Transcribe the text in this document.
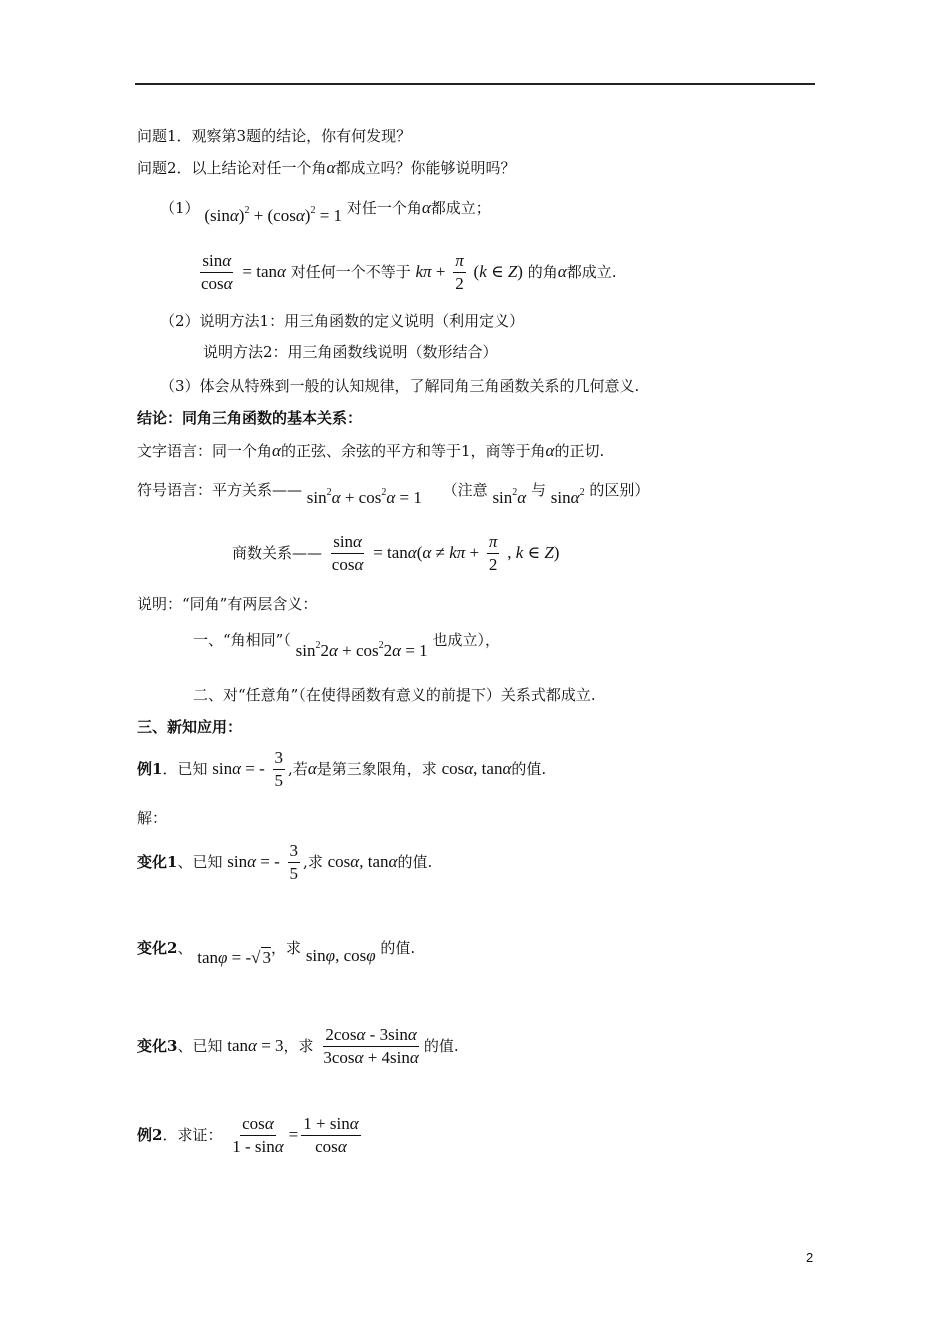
问题1．观察第3题的结论，你有何发现？
问题2．以上结论对任一个角α都成立吗？你能够说明吗？
（1） $(\sin\alpha)^2 + (\cos\alpha)^2 = 1$ 对任一个角α都成立；
$\frac{\sin\alpha}{\cos\alpha} = \tan\alpha$ 对任何一个不等于 $k\pi + \frac{\pi}{2} (k$ ∈ Z) 的角α都成立.
（2）说明方法1：用三角函数的定义说明（利用定义）
说明方法2：用三角函数线说明（数形结合）
（3）体会从特殊到一般的认知规律，了解同角三角函数关系的几何意义.
结论：同角三角函数的基本关系：
文字语言：同一个角α的正弦、余弦的平方和等于1，商等于角α的正切.
符号语言：平方关系—— $\sin^2\alpha + \cos^2\alpha = 1$ （注意 $\sin^2\alpha$ 与 sinα$^2$ 的区别）
商数关系—— $\frac{\sin\alpha}{\cos\alpha} = \tan\alpha(\alpha \ne k\pi + \frac{\pi}{2}$ , k ∈ Z)
说明：“同角”有两层含义：
一、“角相同”（ $\sin^22\alpha + \cos^22\alpha = 1$ 也成立），
二、对“任意角”（在使得函数有意义的前提下）关系式都成立.
三、新知应用：
例1．已知 sinα = - $\frac{3}{5}$ ,若α是第三象限角，求 cosα, tanα的值.
解：
变化1、已知 sinα = - $\frac{3}{5}$ ,求 cosα, tanα的值.
变化2、 tanφ = -√ 3，求 sinφ, cosφ 的值.
变化3、已知 tanα = 3，求 $\frac{2\cos\alpha - 3\sin\alpha}{3\cos\alpha + 4\sin\alpha}$ 的值.
例2．求证： $\frac{\cos\alpha}{1 - \sin\alpha} = \frac{1 + \sin\alpha}{\cos\alpha}$
2
